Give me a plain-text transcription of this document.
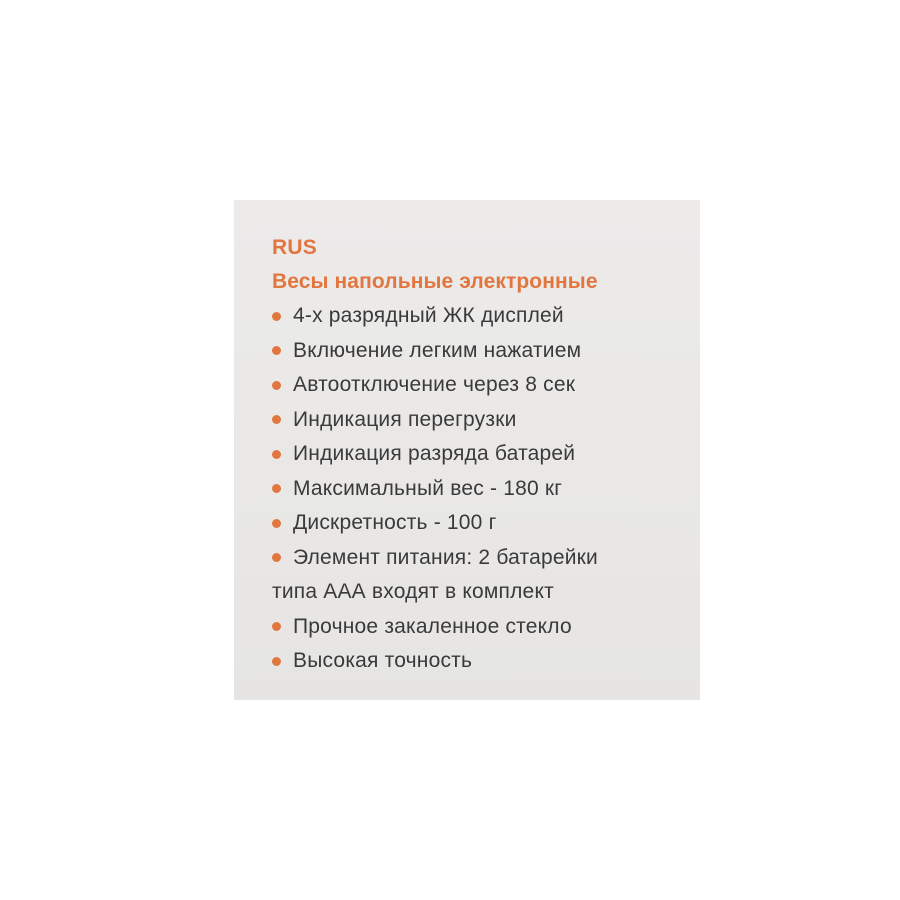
RUS
Весы напольные электронные
4-х разрядный ЖК дисплей
Включение легким нажатием
Автоотключение через 8 сек
Индикация перегрузки
Индикация разряда батарей
Максимальный вес - 180 кг
Дискретность - 100 г
Элемент питания: 2 батарейки
типа ААА входят в комплект
Прочное закаленное стекло
Высокая точность
